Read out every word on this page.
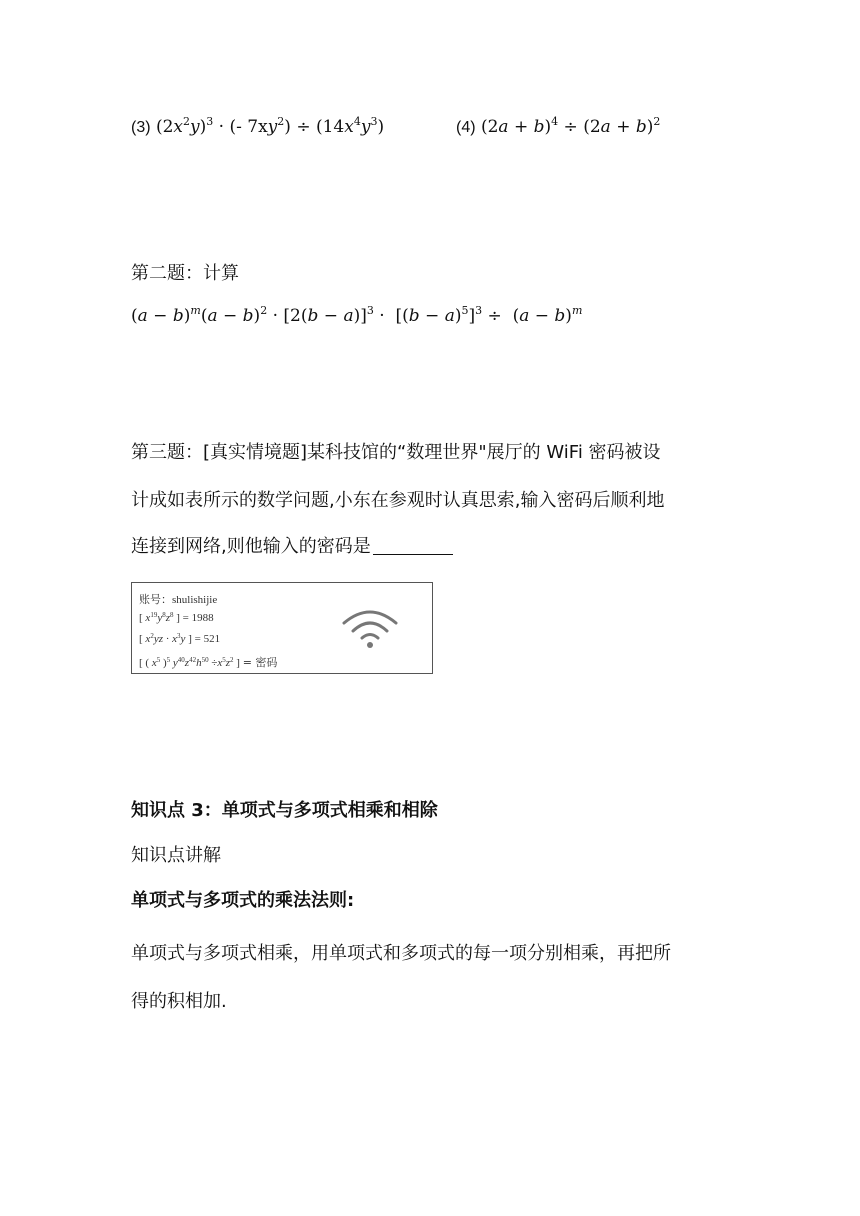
(3) $(2x^2y)^3$ · (- $7xy^2) \div (14x^4y^3)$	(4) $(2a + b)^4 \div (2a + b)^2$
第二题：计算
$(a - b)^m(a - b)^2 \cdot [2(b - a)]^3 \cdot [(b - a)^5]^3 \div (a - b)^m$
第三题：[真实情境题]某科技馆的“数理世界"展厅的 WiFi 密码被设
计成如表所示的数学问题,小东在参观时认真思索,输入密码后顺利地
连接到网络,则他输入的密码是
账号：shulishijie
[ $x^{19}y^8z^8$ ] = 1988
[ $x^2yz \cdot x^3y$ ] = 521
[ ( $x^5$ )$^5$ $y^{40}z^{42}h^{50} \div x^5z^2$ ] = 密码
知识点 3：单项式与多项式相乘和相除
知识点讲解
单项式与多项式的乘法法则:
单项式与多项式相乘，用单项式和多项式的每一项分别相乘，再把所
得的积相加.
